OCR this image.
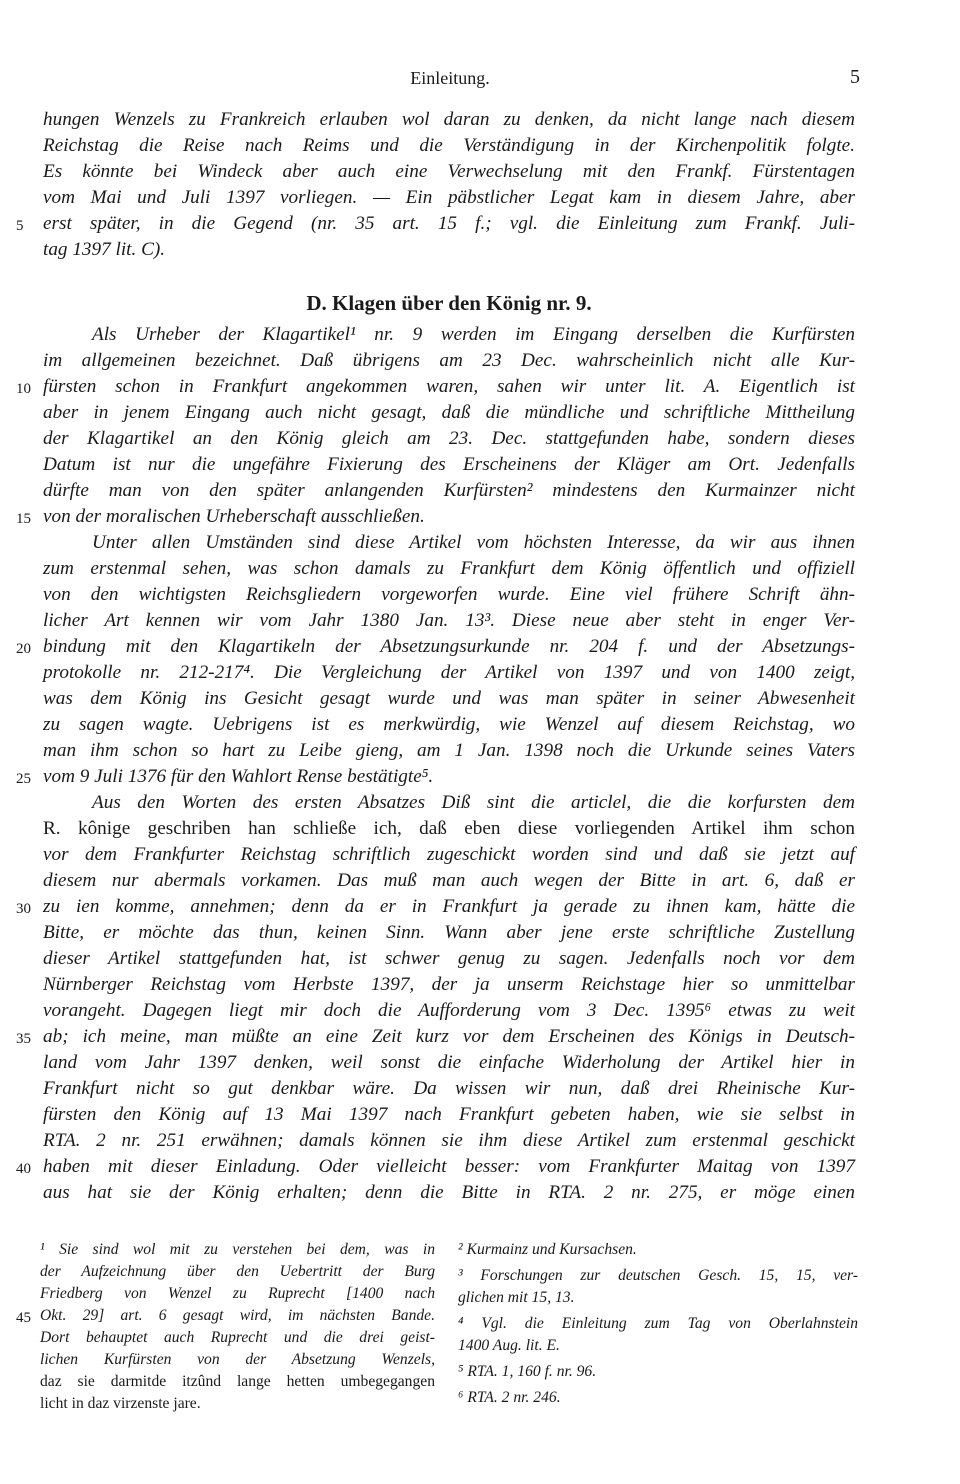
Einleitung.	5
hungen Wenzels zu Frankreich erlauben wol daran zu denken, da nicht lange nach diesem
Reichstag die Reise nach Reims und die Verständigung in der Kirchenpolitik folgte.
Es könnte bei Windeck aber auch eine Verwechselung mit den Frankf. Fürstentagen
vom Mai und Juli 1397 vorliegen. — Ein päbstlicher Legat kam in diesem Jahre, aber
erst später, in die Gegend (nr. 35 art. 15 f.; vgl. die Einleitung zum Frankf. Juli-
tag 1397 lit. C).
D. Klagen über den König nr. 9.
Als Urheber der Klagartikel¹ nr. 9 werden im Eingang derselben die Kurfürsten
im allgemeinen bezeichnet. Daß übrigens am 23 Dec. wahrscheinlich nicht alle Kur-
fürsten schon in Frankfurt angekommen waren, sahen wir unter lit. A. Eigentlich ist
aber in jenem Eingang auch nicht gesagt, daß die mündliche und schriftliche Mittheilung
der Klagartikel an den König gleich am 23. Dec. stattgefunden habe, sondern dieses
Datum ist nur die ungefähre Fixierung des Erscheinens der Kläger am Ort. Jedenfalls
dürfte man von den später anlangenden Kurfürsten² mindestens den Kurmainzer nicht
von der moralischen Urheberschaft ausschließen.
Unter allen Umständen sind diese Artikel vom höchsten Interesse, da wir aus ihnen
zum erstenmal sehen, was schon damals zu Frankfurt dem König öffentlich und offiziell
von den wichtigsten Reichsgliedern vorgeworfen wurde. Eine viel frühere Schrift ähn-
licher Art kennen wir vom Jahr 1380 Jan. 13³. Diese neue aber steht in enger Ver-
bindung mit den Klagartikeln der Absetzungsurkunde nr. 204 f. und der Absetzungs-
protokolle nr. 212-217⁴. Die Vergleichung der Artikel von 1397 und von 1400 zeigt,
was dem König ins Gesicht gesagt wurde und was man später in seiner Abwesenheit
zu sagen wagte. Uebrigens ist es merkwürdig, wie Wenzel auf diesem Reichstag, wo
man ihm schon so hart zu Leibe gieng, am 1 Jan. 1398 noch die Urkunde seines Vaters
vom 9 Juli 1376 für den Wahlort Rense bestätigte⁵.
Aus den Worten des ersten Absatzes Diß sint die articlel, die die korfursten dem
R. kônige geschriben han schließe ich, daß eben diese vorliegenden Artikel ihm schon
vor dem Frankfurter Reichstag schriftlich zugeschickt worden sind und daß sie jetzt auf
diesem nur abermals vorkamen. Das muß man auch wegen der Bitte in art. 6, daß er
zu ien komme, annehmen; denn da er in Frankfurt ja gerade zu ihnen kam, hätte die
Bitte, er möchte das thun, keinen Sinn. Wann aber jene erste schriftliche Zustellung
dieser Artikel stattgefunden hat, ist schwer genug zu sagen. Jedenfalls noch vor dem
Nürnberger Reichstag vom Herbste 1397, der ja unserm Reichstage hier so unmittelbar
vorangeht. Dagegen liegt mir doch die Aufforderung vom 3 Dec. 1395⁶ etwas zu weit
ab; ich meine, man müßte an eine Zeit kurz vor dem Erscheinen des Königs in Deutsch-
land vom Jahr 1397 denken, weil sonst die einfache Widerholung der Artikel hier in
Frankfurt nicht so gut denkbar wäre. Da wissen wir nun, daß drei Rheinische Kur-
fürsten den König auf 13 Mai 1397 nach Frankfurt gebeten haben, wie sie selbst in
RTA. 2 nr. 251 erwähnen; damals können sie ihm diese Artikel zum erstenmal geschickt
haben mit dieser Einladung. Oder vielleicht besser: vom Frankfurter Maitag von 1397
aus hat sie der König erhalten; denn die Bitte in RTA. 2 nr. 275, er möge einen
5
10
15
20
25
30
35
40
45
¹ Sie sind wol mit zu verstehen bei dem, was in
der Aufzeichnung über den Uebertritt der Burg
Friedberg von Wenzel zu Ruprecht [1400 nach
Okt. 29] art. 6 gesagt wird, im nächsten Bande.
Dort behauptet auch Ruprecht und die drei geist-
lichen Kurfürsten von der Absetzung Wenzels,
daz sie darmitde itzûnd lange hetten umbegegangen
licht in daz virzenste jare.
² Kurmainz und Kursachsen.
³ Forschungen zur deutschen Gesch. 15, 15, ver-
glichen mit 15, 13.
⁴ Vgl. die Einleitung zum Tag von Oberlahnstein
1400 Aug. lit. E.
⁵ RTA. 1, 160 f. nr. 96.
⁶ RTA. 2 nr. 246.
